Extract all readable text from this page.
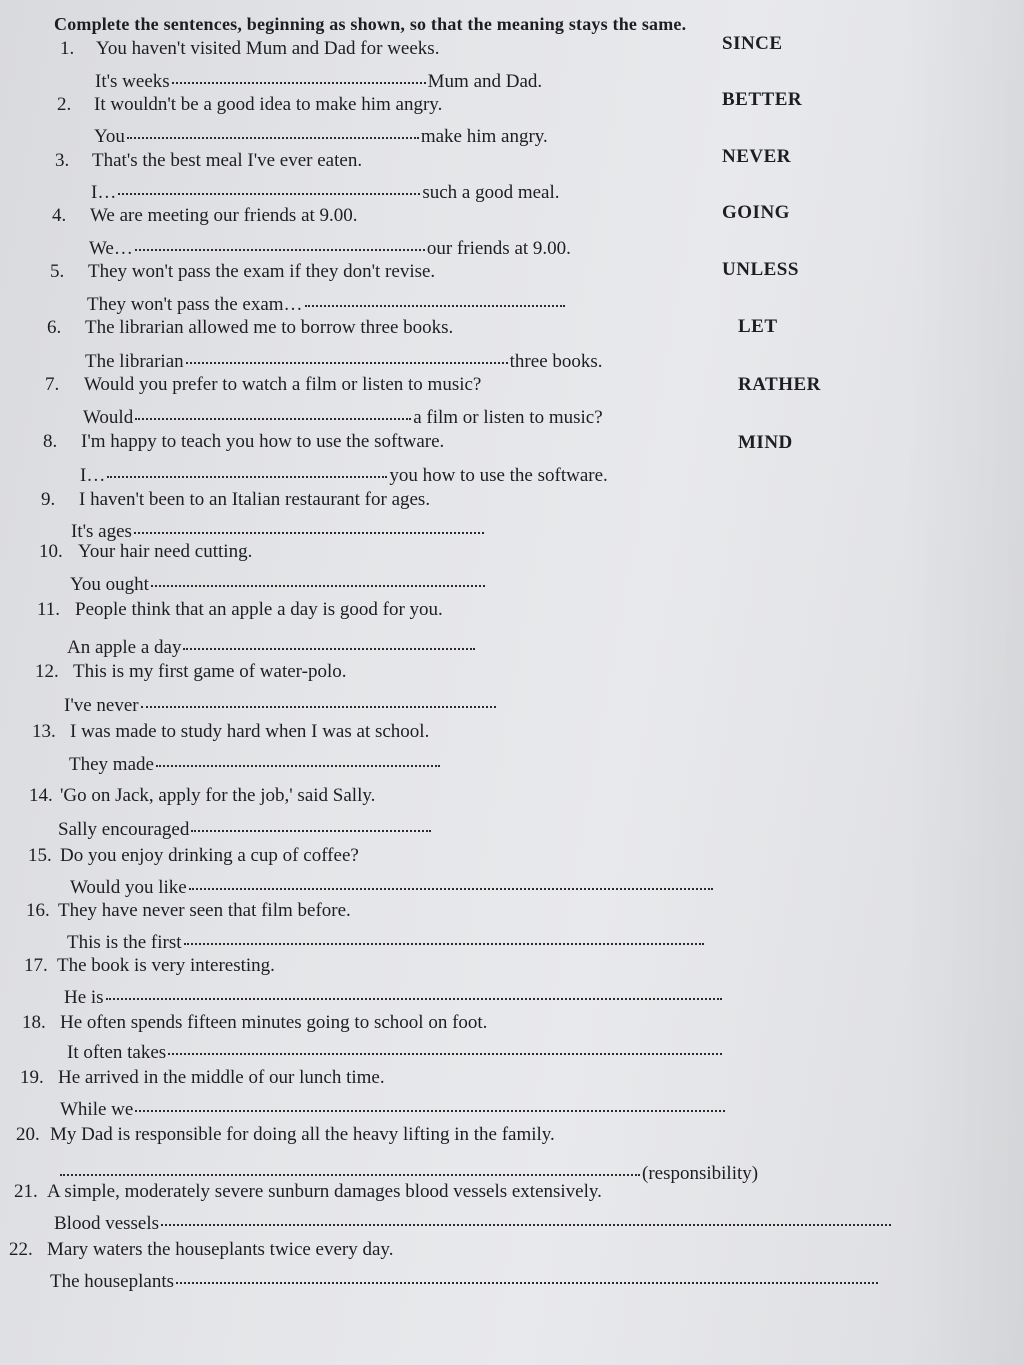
Complete the sentences, beginning as shown, so that the meaning stays the same.
1. You haven't visited Mum and Dad for weeks.
It's weeks	Mum and Dad.
SINCE
2. It wouldn't be a good idea to make him angry.
You	make him angry.
BETTER
3. That's the best meal I've ever eaten.
I…	such a good meal.
NEVER
4. We are meeting our friends at 9.00.
We…	our friends at 9.00.
GOING
5. They won't pass the exam if they don't revise.
They won't pass the exam…
UNLESS
6. The librarian allowed me to borrow three books.
The librarian	three books.
LET
7. Would you prefer to watch a film or listen to music?
Would	a film or listen to music?
RATHER
8. I'm happy to teach you how to use the software.
I…	you how to use the software.
MIND
9. I haven't been to an Italian restaurant for ages.
It's ages
10. Your hair need cutting.
You ought
11. People think that an apple a day is good for you.
An apple a day
12. This is my first game of water-polo.
I've never
13. I was made to study hard when I was at school.
They made
14. 'Go on Jack, apply for the job,' said Sally.
Sally encouraged
15. Do you enjoy drinking a cup of coffee?
Would you like
16. They have never seen that film before.
This is the first
17. The book is very interesting.
He is
18. He often spends fifteen minutes going to school on foot.
It often takes
19. He arrived in the middle of our lunch time.
While we
20. My Dad is responsible for doing all the heavy lifting in the family.
(responsibility)
21. A simple, moderately severe sunburn damages blood vessels extensively.
Blood vessels
22. Mary waters the houseplants twice every day.
The houseplants
